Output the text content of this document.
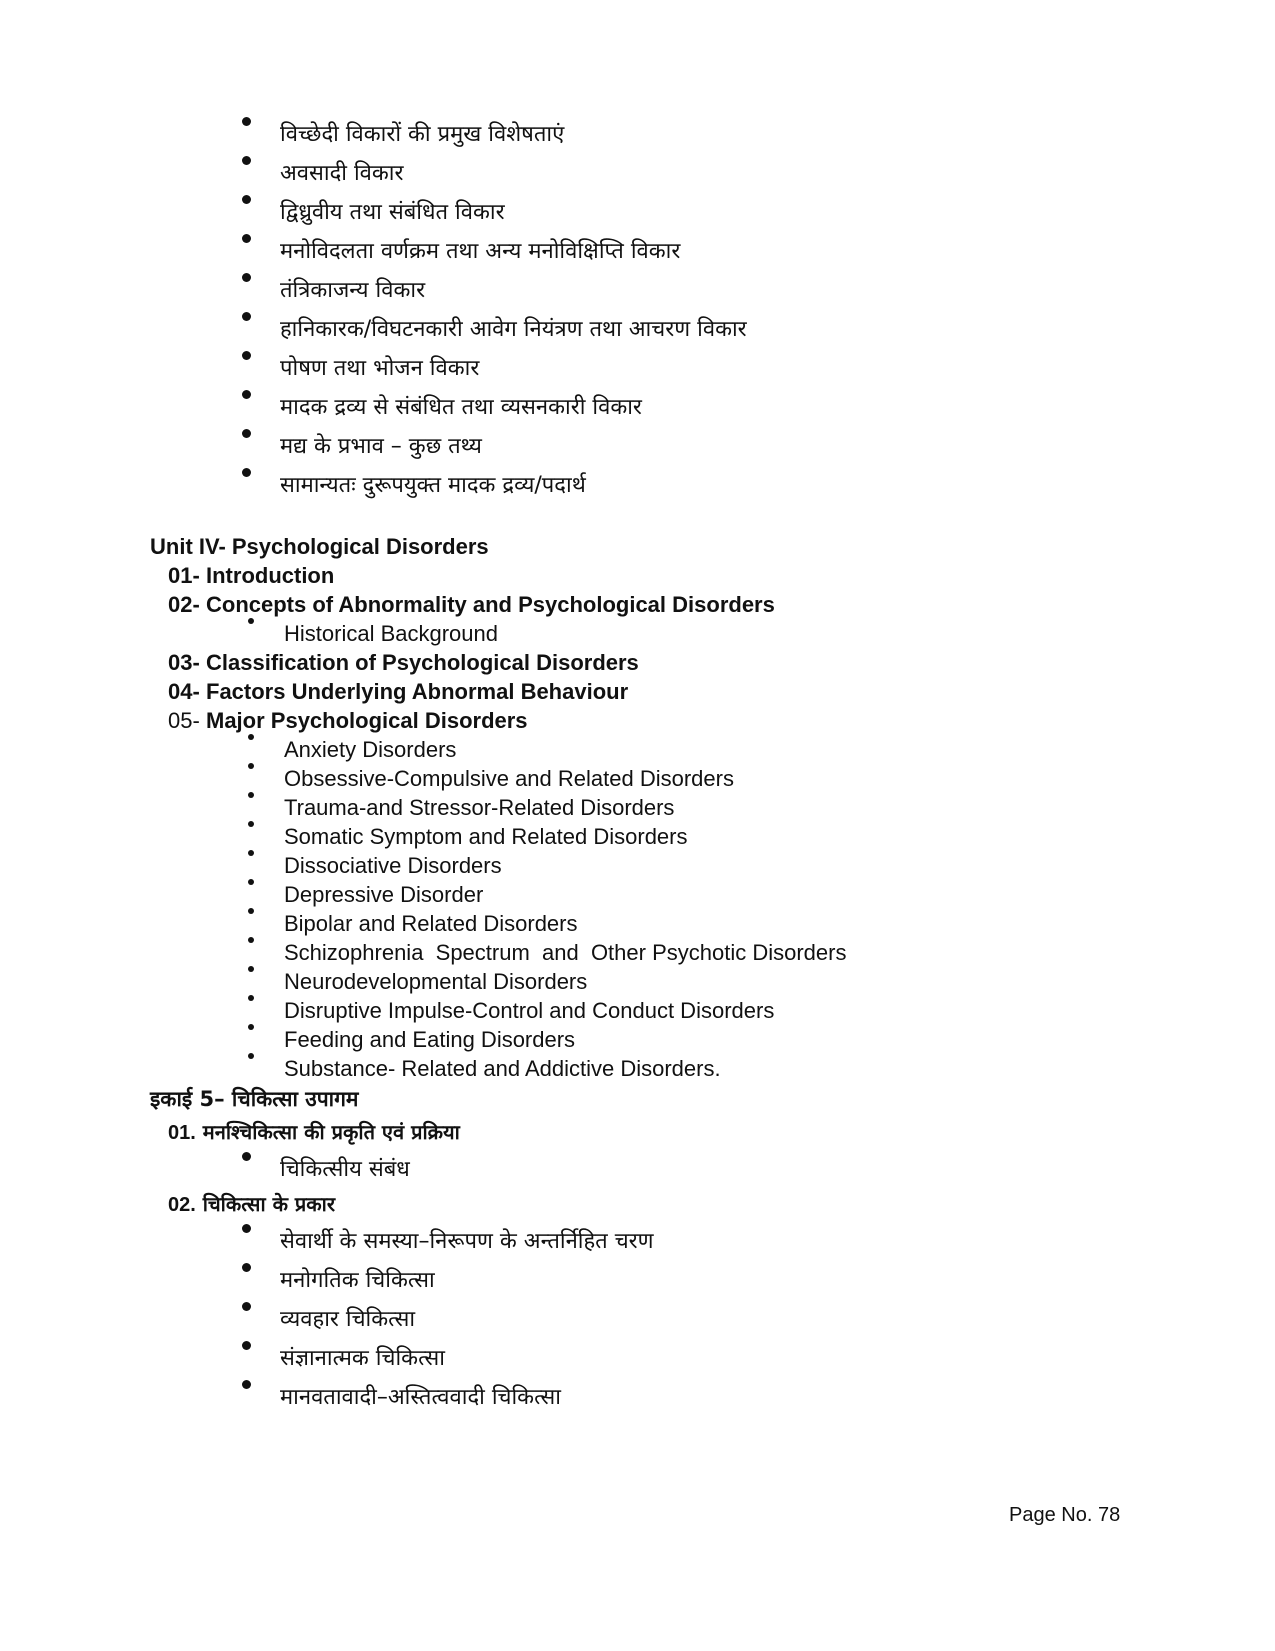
विच्छेदी विकारों की प्रमुख विशेषताएं
अवसादी विकार
द्विध्रुवीय तथा संबंधित विकार
मनोविदलता वर्णक्रम तथा अन्य मनोविक्षिप्ति विकार
तंत्रिकाजन्य विकार
हानिकारक/विघटनकारी आवेग नियंत्रण तथा आचरण विकार
पोषण तथा भोजन विकार
मादक द्रव्य से संबंधित तथा व्यसनकारी विकार
मद्य के प्रभाव – कुछ तथ्य
सामान्यतः दुरूपयुक्त मादक द्रव्य/पदार्थ
Unit IV- Psychological Disorders
01- Introduction
02- Concepts of Abnormality and Psychological Disorders
Historical Background
03- Classification of Psychological Disorders
04- Factors Underlying Abnormal Behaviour
05- Major Psychological Disorders
Anxiety Disorders
Obsessive-Compulsive and Related Disorders
Trauma-and Stressor-Related Disorders
Somatic Symptom and Related Disorders
Dissociative Disorders
Depressive Disorder
Bipolar and Related Disorders
Schizophrenia  Spectrum  and  Other Psychotic Disorders
Neurodevelopmental Disorders
Disruptive Impulse-Control and Conduct Disorders
Feeding and Eating Disorders
Substance- Related and Addictive Disorders.
इकाई 5– चिकित्सा उपागम
01. मनश्चिकित्सा की प्रकृति एवं प्रक्रिया
चिकित्सीय संबंध
02. चिकित्सा के प्रकार
सेवार्थी के समस्या–निरूपण के अन्तर्निहित चरण
मनोगतिक चिकित्सा
व्यवहार चिकित्सा
संज्ञानात्मक चिकित्सा
मानवतावादी–अस्तित्ववादी चिकित्सा
Page No. 78
